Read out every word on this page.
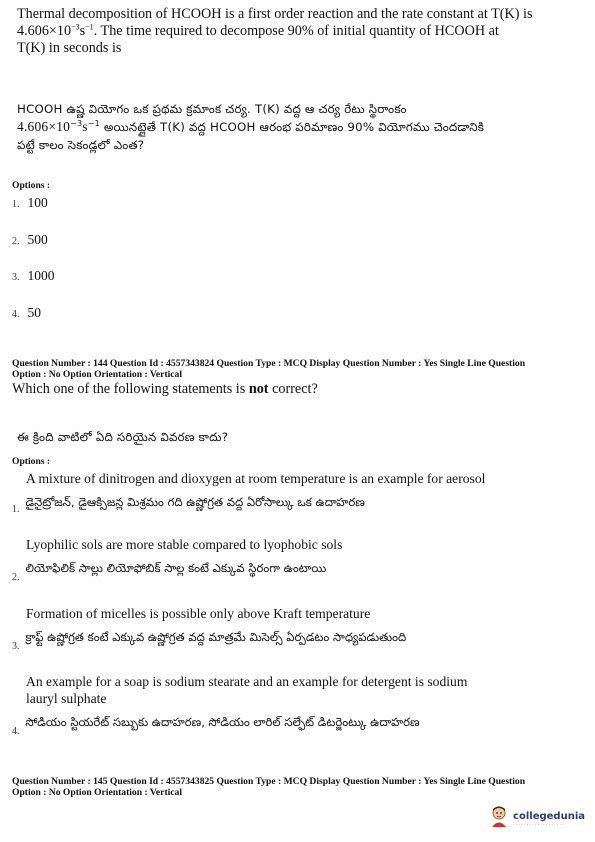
Thermal decomposition of HCOOH is a first order reaction and the rate constant at T(K) is
$4.606\times 10^{-3}s^{-1}$. The time required to decompose 90% of initial quantity of HCOOH at
T(K) in seconds is
HCOOH ఉష్ణ వియోగం ఒక ప్రథమ క్రమాంక చర్య. T(K) వద్ద ఆ చర్య రేటు స్థిరాంకం
$4.606\times 10^{-3}s^{-1}$ అయినట్లైతే T(K) వద్ద HCOOH ఆరంభ పరిమాణం 90% వియోగము చెందడానికి
పట్టే కాలం సెకండ్లలో ఎంత?
Options :
1. 100
2. 500
3. 1000
4. 50
Question Number : 144 Question Id : 4557343824 Question Type : MCQ Display Question Number : Yes Single Line Question
Option : No Option Orientation : Vertical
Which one of the following statements is not correct?
ఈ క్రింది వాటిలో ఏది సరియైన వివరణ కాదు?
Options :
A mixture of dinitrogen and dioxygen at room temperature is an example for aerosol
$_{1.}$ డైనైట్రోజన్, డైఆక్సిజన్ల మిశ్రమం గది ఉష్ణోగ్రత వద్ద ఏరోసాల్కు ఒక ఉదాహరణ
Lyophilic sols are more stable compared to lyophobic sols
$_{2.}$ లియోఫిలిక్ సాల్లు లియోఫోబిక్ సాల్ల కంటే ఎక్కువ స్థిరంగా ఉంటాయి
Formation of micelles is possible only above Kraft temperature
$_{3.}$ క్రాఫ్ట్ ఉష్ణోగ్రత కంటే ఎక్కువ ఉష్ణోగ్రత వద్ద మాత్రమే మిసెల్స్ ఏర్పడటం సాధ్యపడుతుంది
An example for a soap is sodium stearate and an example for detergent is sodium
lauryl sulphate
$_{4.}$ సోడియం స్టియరేట్ సబ్బుకు ఉదాహరణ, సోడియం లారిల్ సల్ఫేట్ డిటర్జెంట్కు ఉదాహరణ
Question Number : 145 Question Id : 4557343825 Question Type : MCQ Display Question Number : Yes Single Line Question
Option : No Option Orientation : Vertical
collegedunia
· · · · · · · · · · · · · · · · · · ·
